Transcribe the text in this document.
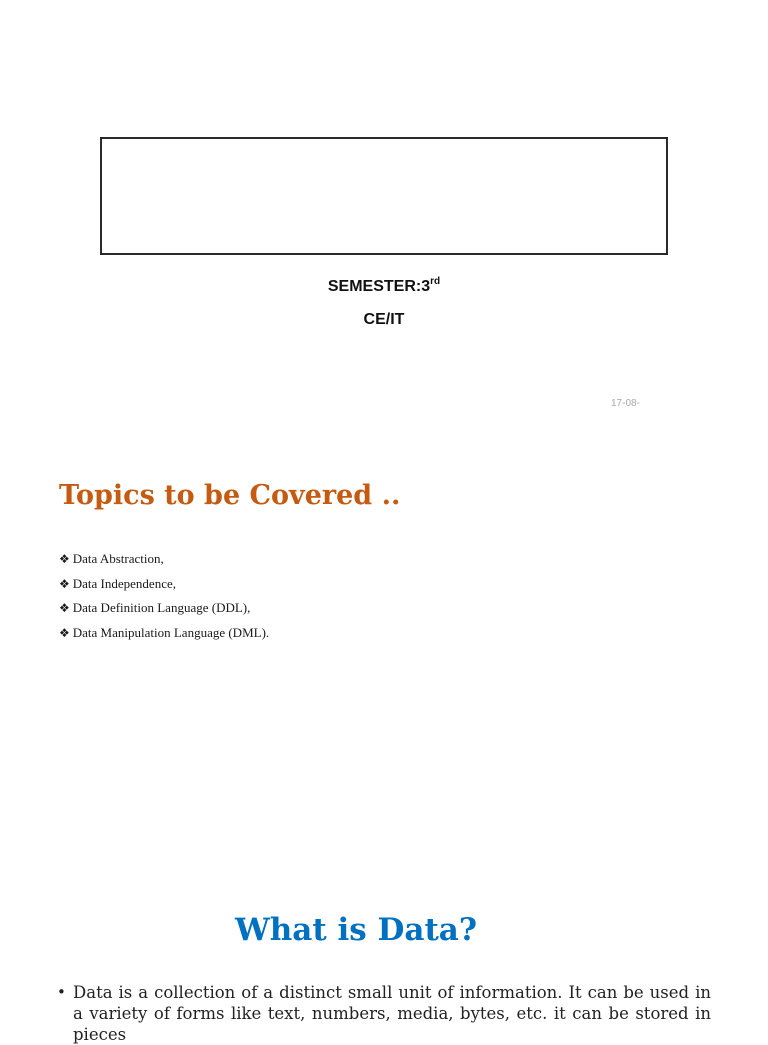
SEMESTER:3rd
CE/IT
17-08-
Topics to be Covered ..
❖ Data Abstraction,
❖ Data Independence,
❖ Data Definition Language (DDL),
❖ Data Manipulation Language (DML).
What is Data?
• Data is a collection of a distinct small unit of information. It can be used in a variety of forms like text, numbers, media, bytes, etc. it can be stored in pieces
